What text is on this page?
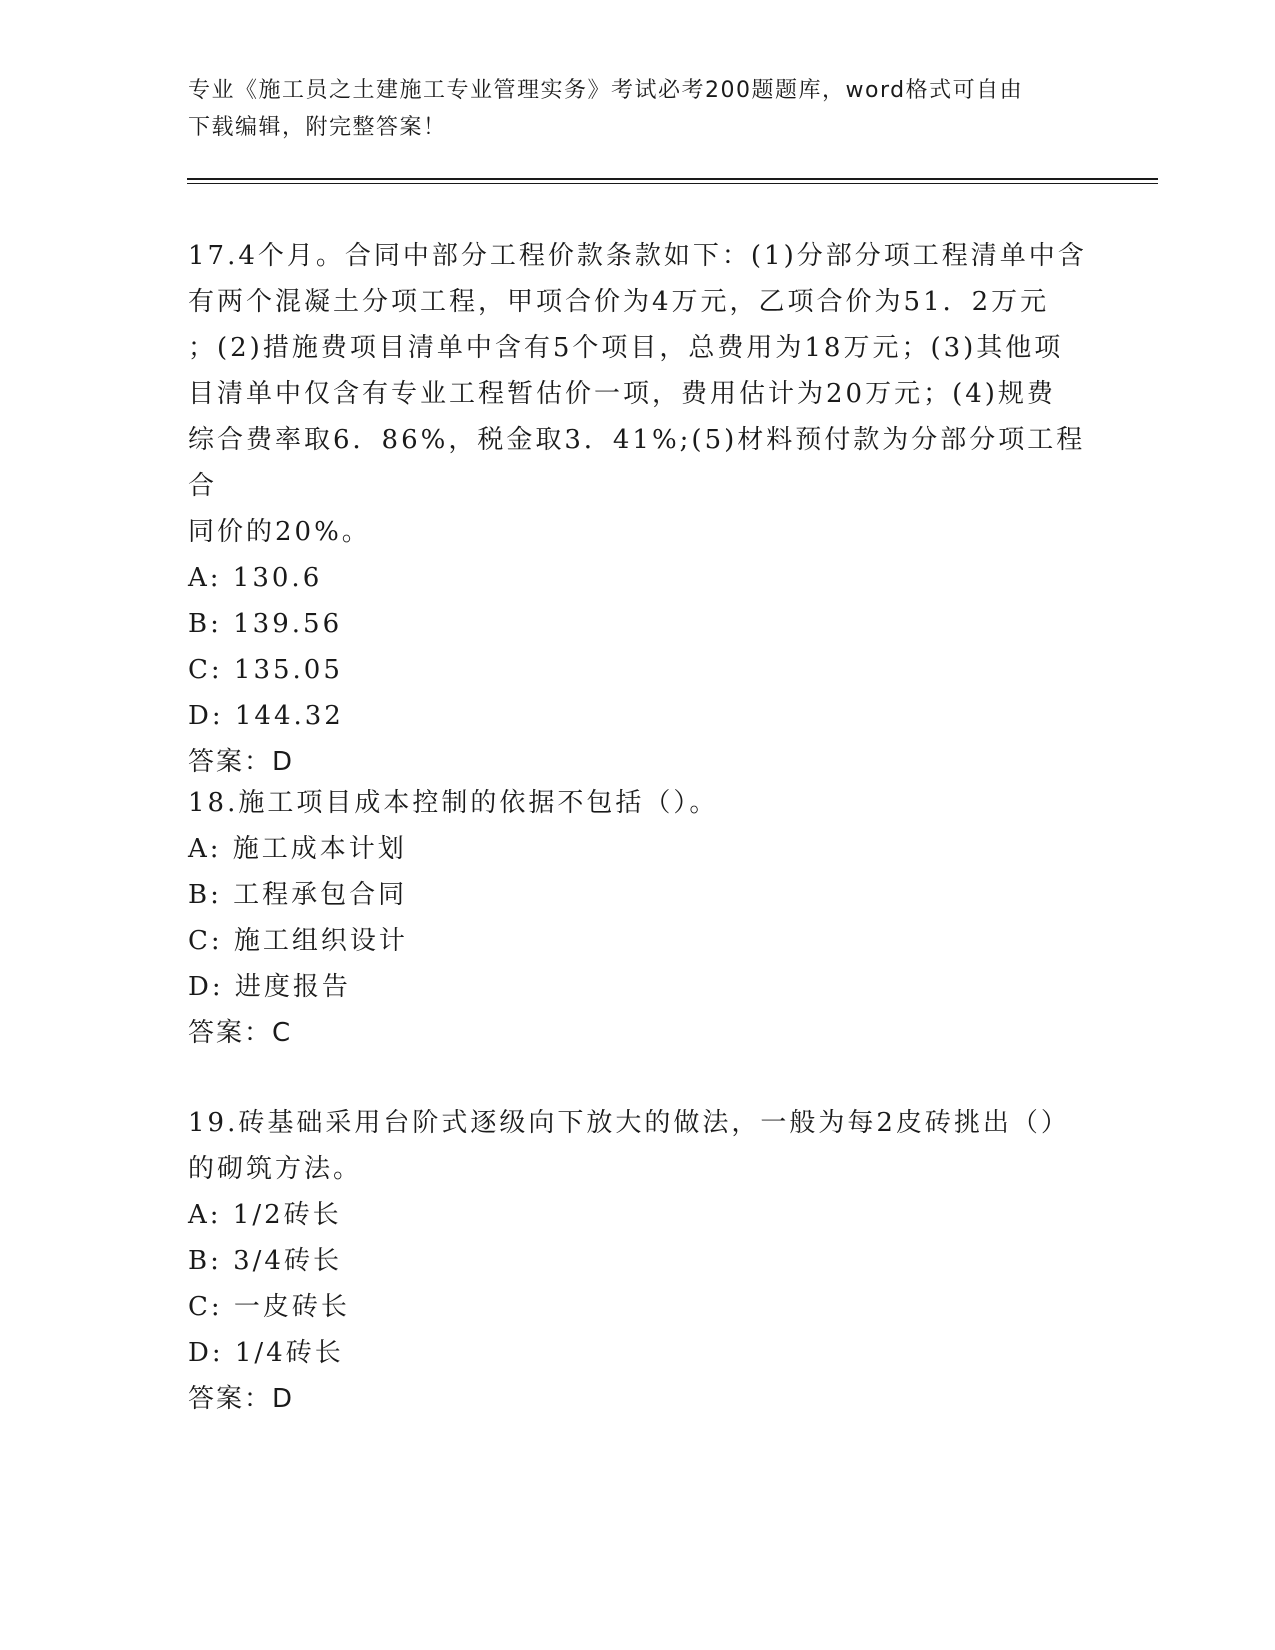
专业《施工员之土建施工专业管理实务》考试必考200题题库，word格式可自由
下载编辑，附完整答案！

17.4个月。合同中部分工程价款条款如下：(1)分部分项工程清单中含

有两个混凝土分项工程，甲项合价为4万元，乙项合价为51．2万元

；(2)措施费项目清单中含有5个项目，总费用为18万元；(3)其他项

目清单中仅含有专业工程暂估价一项，费用估计为20万元；(4)规费

综合费率取6．86%，税金取3．41%;(5)材料预付款为分部分项工程合

同价的20%。

A: 130.6

B: 139.56

C: 135.05

D: 144.32

答案：D

18.施工项目成本控制的依据不包括（）。

A: 施工成本计划

B: 工程承包合同

C: 施工组织设计

D: 进度报告

答案：C

19.砖基础采用台阶式逐级向下放大的做法，一般为每2皮砖挑出（）

的砌筑方法。

A: 1/2砖长

B: 3/4砖长

C: 一皮砖长

D: 1/4砖长

答案：D
